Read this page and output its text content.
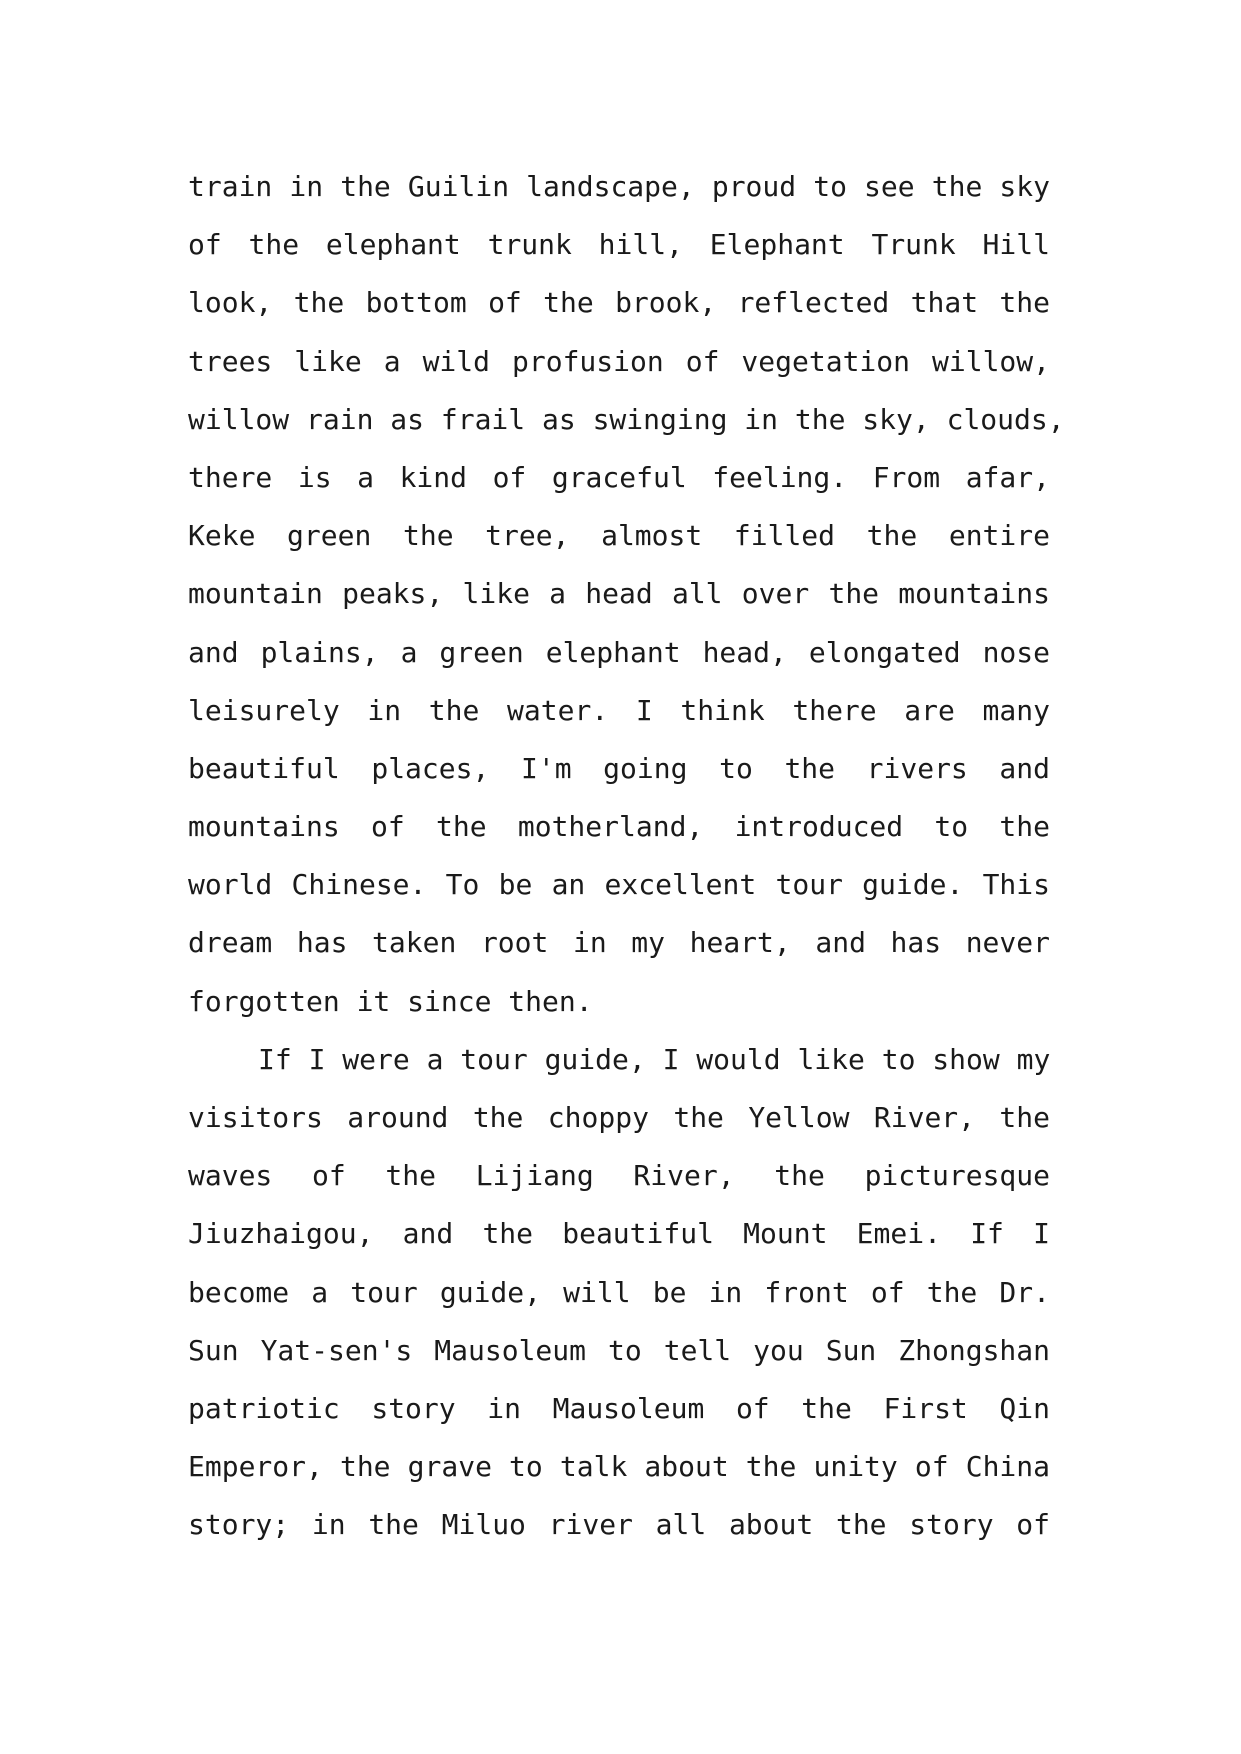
train in the Guilin landscape, proud to see the sky
of the elephant trunk hill, Elephant Trunk Hill
look, the bottom of the brook, reflected that the
trees like a wild profusion of vegetation willow,
willow rain as frail as swinging in the sky, clouds,
there is a kind of graceful feeling. From afar,
Keke green the tree, almost filled the entire
mountain peaks, like a head all over the mountains
and plains, a green elephant head, elongated nose
leisurely in the water. I think there are many
beautiful places, I'm going to the rivers and
mountains of the motherland, introduced to the
world Chinese. To be an excellent tour guide. This
dream has taken root in my heart, and has never
forgotten it since then.
If I were a tour guide, I would like to show my
visitors around the choppy the Yellow River, the
waves of the Lijiang River, the picturesque
Jiuzhaigou, and the beautiful Mount Emei. If I
become a tour guide, will be in front of the Dr.
Sun Yat-sen's Mausoleum to tell you Sun Zhongshan
patriotic story in Mausoleum of the First Qin
Emperor, the grave to talk about the unity of China
story; in the Miluo river all about the story of
